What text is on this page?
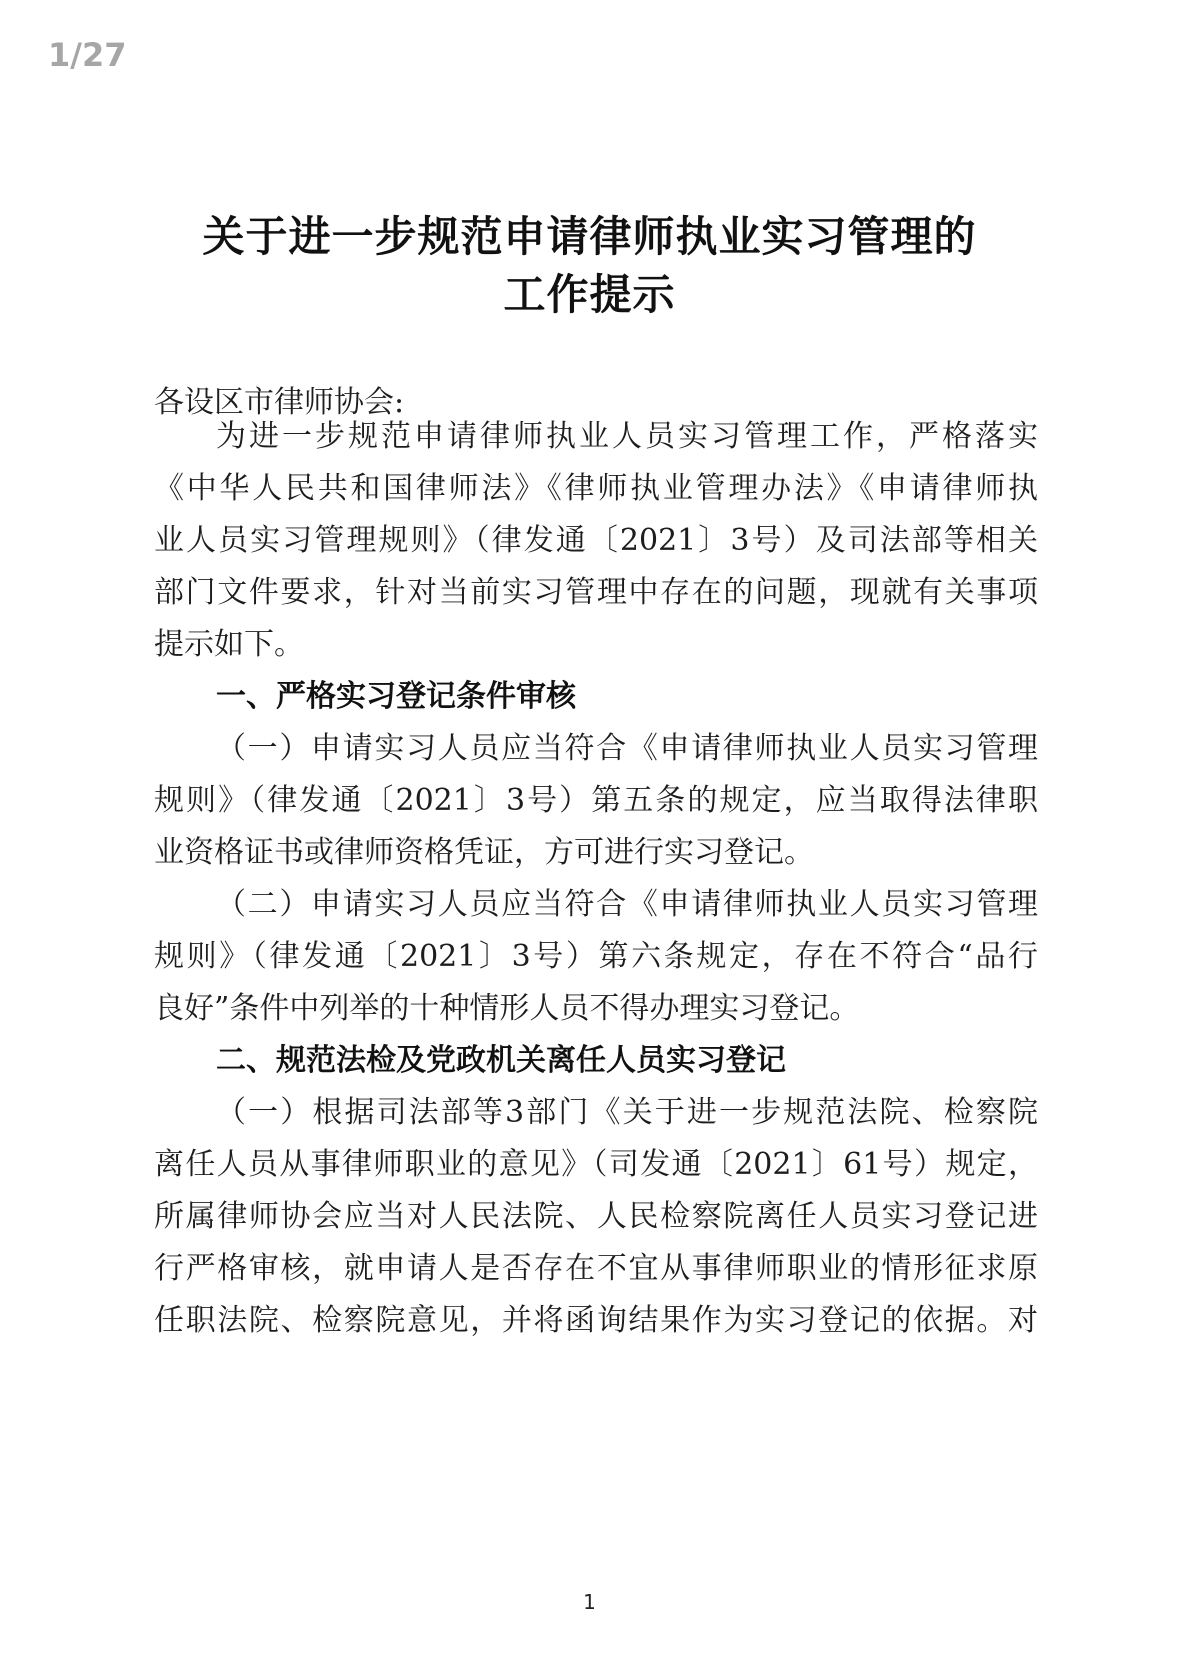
1/27
关于进一步规范申请律师执业实习管理的
工作提示
各设区市律师协会:
为进一步规范申请律师执业人员实习管理工作，严格落实
《中华人民共和国律师法》《律师执业管理办法》《申请律师执
业人员实习管理规则》（律发通〔2021〕3号）及司法部等相关
部门文件要求，针对当前实习管理中存在的问题，现就有关事项
提示如下。
一、严格实习登记条件审核
（一）申请实习人员应当符合《申请律师执业人员实习管理
规则》（律发通〔2021〕3号）第五条的规定，应当取得法律职
业资格证书或律师资格凭证，方可进行实习登记。
（二）申请实习人员应当符合《申请律师执业人员实习管理
规则》（律发通〔2021〕3号）第六条规定，存在不符合“品行
良好”条件中列举的十种情形人员不得办理实习登记。
二、规范法检及党政机关离任人员实习登记
（一）根据司法部等3部门《关于进一步规范法院、检察院
离任人员从事律师职业的意见》（司发通〔2021〕61号）规定，
所属律师协会应当对人民法院、人民检察院离任人员实习登记进
行严格审核，就申请人是否存在不宜从事律师职业的情形征求原
任职法院、检察院意见，并将函询结果作为实习登记的依据。对
1
